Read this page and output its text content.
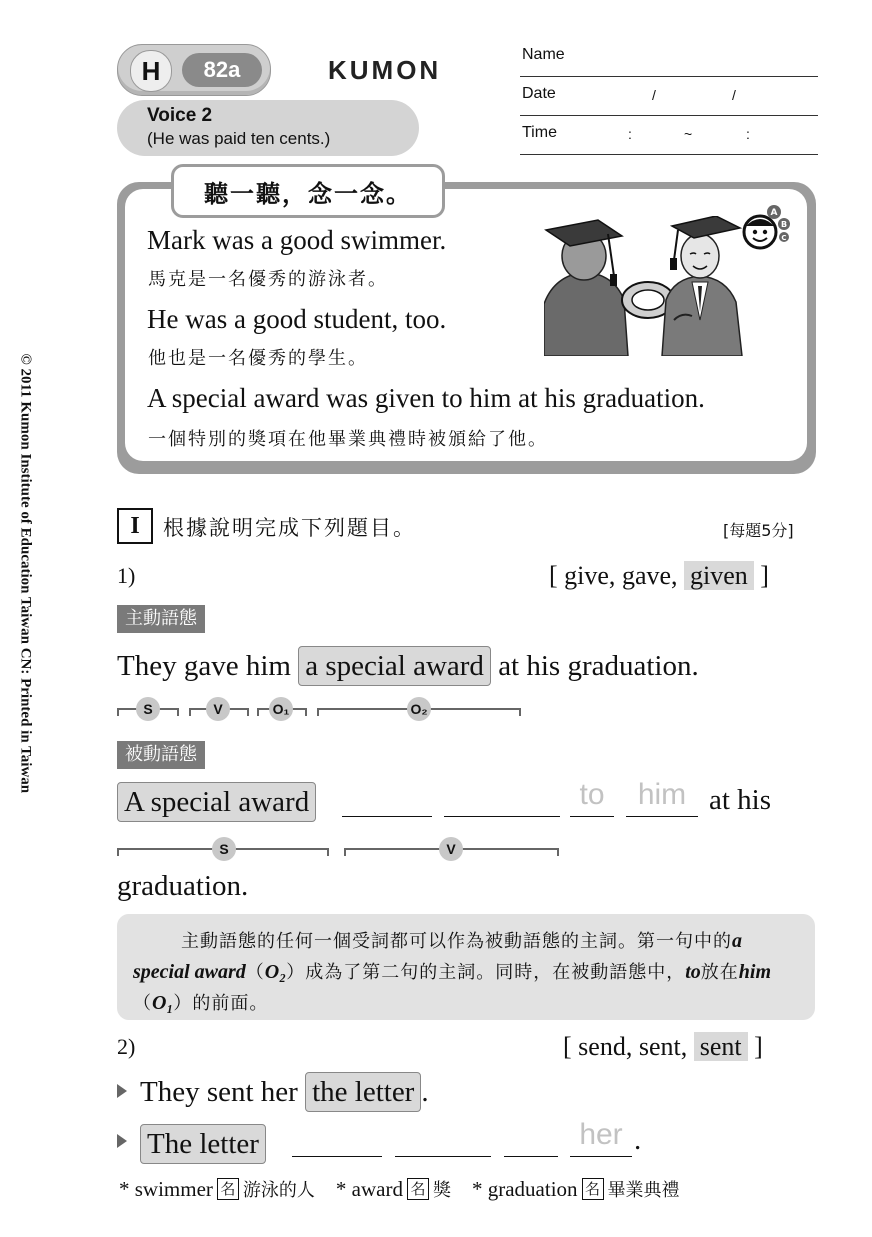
H	82a	KUMON
Voice 2
(He was paid ten cents.)
Name
Date	/	/
Time	:	~	:
© 2011 Kumon Institute of Education Taiwan CN: Printed in Taiwan
聽一聽，念一念。
Mark was a good swimmer.
馬克是一名優秀的游泳者。
He was a good student, too.
他也是一名優秀的學生。
A special award was given to him at his graduation.
一個特別的獎項在他畢業典禮時被頒給了他。
A
B
C
I	根據說明完成下列題目。	[每題5分]
1)	[ give, gave, given ]
主動語態
They gave him a special award at his graduation.
S	V	O₁	O₂
被動語態
A special award	to	him at his
S	V
graduation.
主動語態的任何一個受詞都可以作為被動語態的主詞。第一句中的a special award（O₂）成為了第二句的主詞。同時，在被動語態中，to放在him（O₁）的前面。
2)	[ send, sent, sent ]
They sent her the letter .
The letter	her .
* swimmer 名 游泳的人 * award 名 獎 * graduation 名 畢業典禮
